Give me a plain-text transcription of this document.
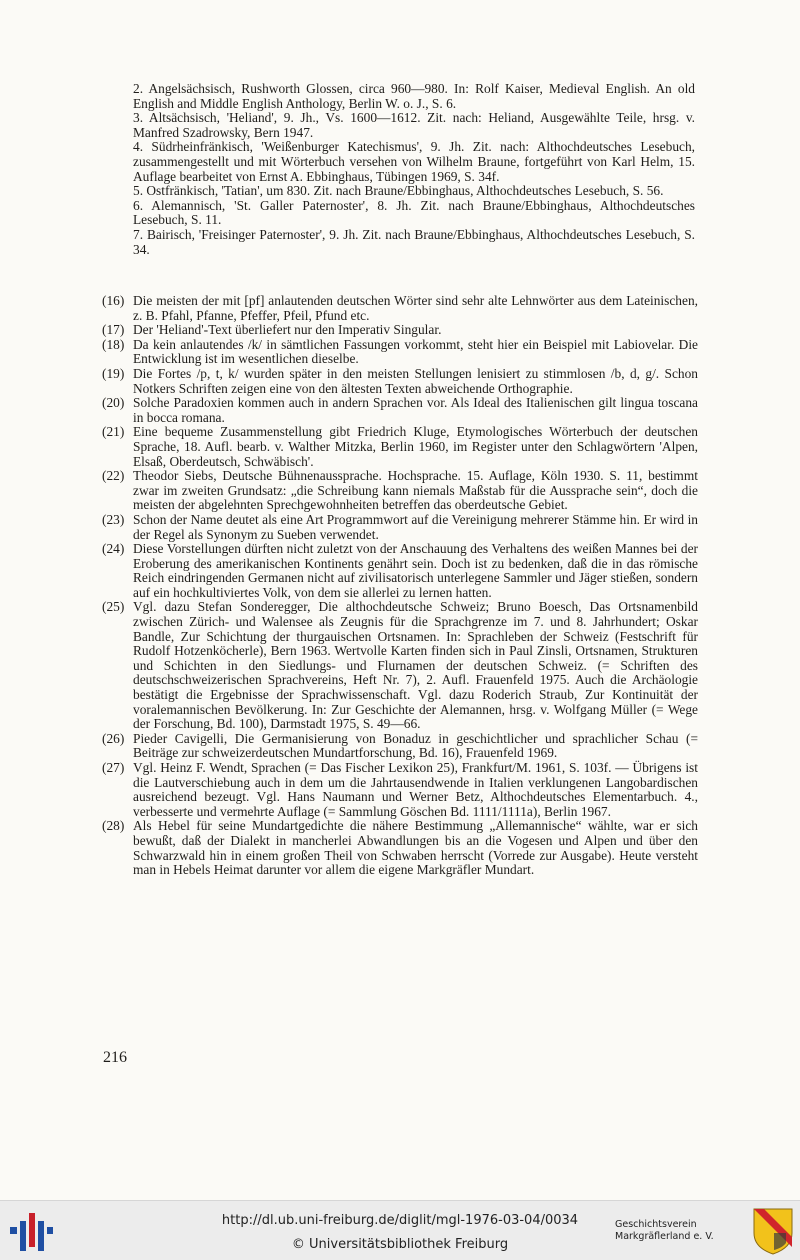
2. Angelsächsisch, Rushworth Glossen, circa 960—980. In: Rolf Kaiser, Medieval English. An old English and Middle English Anthology, Berlin W. o. J., S. 6.

3. Altsächsisch, 'Heliand', 9. Jh., Vs. 1600—1612. Zit. nach: Heliand, Ausgewählte Teile, hrsg. v. Manfred Szadrowsky, Bern 1947.

4. Südrheinfränkisch, 'Weißenburger Katechismus', 9. Jh. Zit. nach: Althochdeutsches Lesebuch, zusammengestellt und mit Wörterbuch versehen von Wilhelm Braune, fortgeführt von Karl Helm, 15. Auflage bearbeitet von Ernst A. Ebbinghaus, Tübingen 1969, S. 34f.

5. Ostfränkisch, 'Tatian', um 830. Zit. nach Braune/Ebbinghaus, Althochdeutsches Lesebuch, S. 56.

6. Alemannisch, 'St. Galler Paternoster', 8. Jh. Zit. nach Braune/Ebbinghaus, Althochdeutsches Lesebuch, S. 11.

7. Bairisch, 'Freisinger Paternoster', 9. Jh. Zit. nach Braune/Ebbinghaus, Althochdeutsches Lesebuch, S. 34.

(16) Die meisten der mit [pf] anlautenden deutschen Wörter sind sehr alte Lehnwörter aus dem Lateinischen, z. B. Pfahl, Pfanne, Pfeffer, Pfeil, Pfund etc.
(17) Der 'Heliand'-Text überliefert nur den Imperativ Singular.
(18) Da kein anlautendes /k/ in sämtlichen Fassungen vorkommt, steht hier ein Beispiel mit Labiovelar. Die Entwicklung ist im wesentlichen dieselbe.
(19) Die Fortes /p, t, k/ wurden später in den meisten Stellungen lenisiert zu stimmlosen /b, d, g/. Schon Notkers Schriften zeigen eine von den ältesten Texten abweichende Orthographie.
(20) Solche Paradoxien kommen auch in andern Sprachen vor. Als Ideal des Italienischen gilt lingua toscana in bocca romana.
(21) Eine bequeme Zusammenstellung gibt Friedrich Kluge, Etymologisches Wörterbuch der deutschen Sprache, 18. Aufl. bearb. v. Walther Mitzka, Berlin 1960, im Register unter den Schlagwörtern 'Alpen, Elsaß, Oberdeutsch, Schwäbisch'.
(22) Theodor Siebs, Deutsche Bühnenaussprache. Hochsprache. 15. Auflage, Köln 1930. S. 11, bestimmt zwar im zweiten Grundsatz: „die Schreibung kann niemals Maßstab für die Aussprache sein“, doch die meisten der abgelehnten Sprechgewohnheiten betreffen das oberdeutsche Gebiet.
(23) Schon der Name deutet als eine Art Programmwort auf die Vereinigung mehrerer Stämme hin. Er wird in der Regel als Synonym zu Sueben verwendet.
(24) Diese Vorstellungen dürften nicht zuletzt von der Anschauung des Verhaltens des weißen Mannes bei der Eroberung des amerikanischen Kontinents genährt sein. Doch ist zu bedenken, daß die in das römische Reich eindringenden Germanen nicht auf zivilisatorisch unterlegene Sammler und Jäger stießen, sondern auf ein hochkultiviertes Volk, von dem sie allerlei zu lernen hatten.
(25) Vgl. dazu Stefan Sonderegger, Die althochdeutsche Schweiz; Bruno Boesch, Das Ortsnamenbild zwischen Zürich- und Walensee als Zeugnis für die Sprachgrenze im 7. und 8. Jahrhundert; Oskar Bandle, Zur Schichtung der thurgauischen Ortsnamen. In: Sprachleben der Schweiz (Festschrift für Rudolf Hotzenköcherle), Bern 1963. Wertvolle Karten finden sich in Paul Zinsli, Ortsnamen, Strukturen und Schichten in den Siedlungs- und Flurnamen der deutschen Schweiz. (= Schriften des deutschschweizerischen Sprachvereins, Heft Nr. 7), 2. Aufl. Frauenfeld 1975. Auch die Archäologie bestätigt die Ergebnisse der Sprachwissenschaft. Vgl. dazu Roderich Straub, Zur Kontinuität der voralemannischen Bevölkerung. In: Zur Geschichte der Alemannen, hrsg. v. Wolfgang Müller (= Wege der Forschung, Bd. 100), Darmstadt 1975, S. 49—66.
(26) Pieder Cavigelli, Die Germanisierung von Bonaduz in geschichtlicher und sprachlicher Schau (= Beiträge zur schweizerdeutschen Mundartforschung, Bd. 16), Frauenfeld 1969.
(27) Vgl. Heinz F. Wendt, Sprachen (= Das Fischer Lexikon 25), Frankfurt/M. 1961, S. 103f. — Übrigens ist die Lautverschiebung auch in dem um die Jahrtausendwende in Italien verklungenen Langobardischen ausreichend bezeugt. Vgl. Hans Naumann und Werner Betz, Althochdeutsches Elementarbuch. 4., verbesserte und vermehrte Auflage (= Sammlung Göschen Bd. 1111/1111a), Berlin 1967.
(28) Als Hebel für seine Mundartgedichte die nähere Bestimmung „Allemannische“ wählte, war er sich bewußt, daß der Dialekt in mancherlei Abwandlungen bis an die Vogesen und Alpen und über den Schwarzwald hin in einem großen Theil von Schwaben herrscht (Vorrede zur Ausgabe). Heute versteht man in Hebels Heimat darunter vor allem die eigene Markgräfler Mundart.
216
http://dl.ub.uni-freiburg.de/diglit/mgl-1976-03-04/0034
© Universitätsbibliothek Freiburg
Geschichtsverein
Markgräflerland e. V.
